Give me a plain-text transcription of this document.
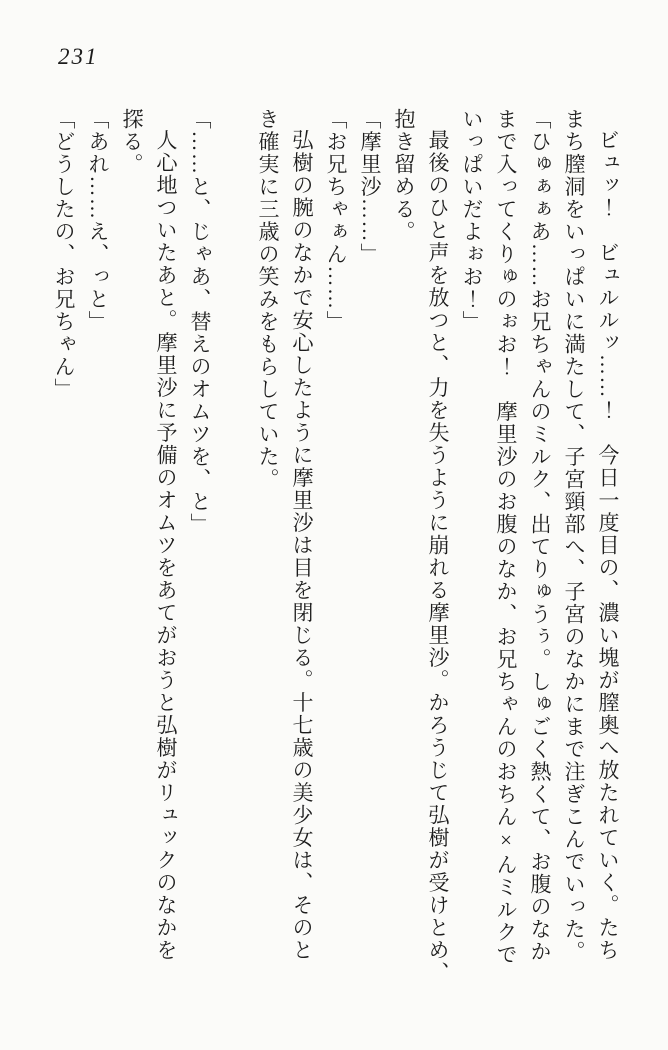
231

ビュッ！　ビュルルッ……！　今日一度目の、濃い塊が膣奥へ放たれていく。たち

まち膣洞をいっぱいに満たして、子宮頸部へ、子宮のなかにまで注ぎこんでいった。

「ひゅぁぁあ……お兄ちゃんのミルク、出てりゅうぅ。しゅごく熱くて、お腹のなか

まで入ってくりゅのぉお！　摩里沙のお腹のなか、お兄ちゃんのおちん×んミルクで

いっぱいだよぉお！」

最後のひと声を放つと、力を失うように崩れる摩里沙。かろうじて弘樹が受けとめ、

抱き留める。

「摩里沙……」

「お兄ちゃぁん……」

弘樹の腕のなかで安心したように摩里沙は目を閉じる。十七歳の美少女は、そのと

き確実に三歳の笑みをもらしていた。

「……と、じゃあ、替えのオムツを、と」

人心地ついたあと。摩里沙に予備のオムツをあてがおうと弘樹がリュックのなかを

探る。

「あれ……え、っと」

「どうしたの、お兄ちゃん」
